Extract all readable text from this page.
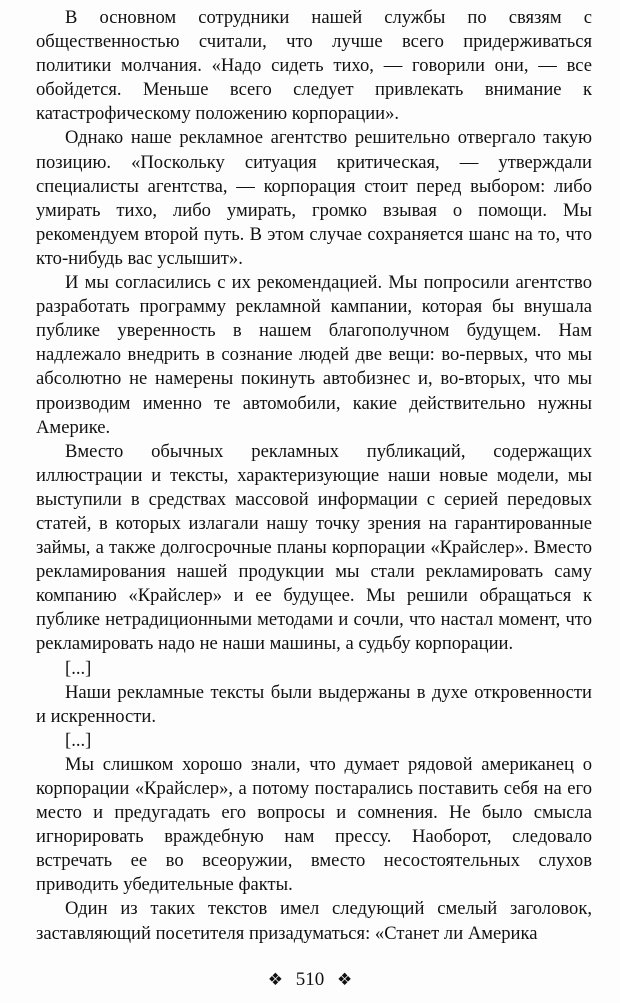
В основном сотрудники нашей службы по связям с общественностью считали, что лучше всего придерживаться политики молчания. «Надо сидеть тихо, — говорили они, — все обойдется. Меньше всего следует привлекать внимание к катастрофическому положению корпорации».

Однако наше рекламное агентство решительно отвергало такую позицию. «Поскольку ситуация критическая, — утверждали специалисты агентства, — корпорация стоит перед выбором: либо умирать тихо, либо умирать, громко взывая о помощи. Мы рекомендуем второй путь. В этом случае сохраняется шанс на то, что кто-нибудь вас услышит».

И мы согласились с их рекомендацией. Мы попросили агентство разработать программу рекламной кампании, которая бы внушала публике уверенность в нашем благополучном будущем. Нам надлежало внедрить в сознание людей две вещи: во-первых, что мы абсолютно не намерены покинуть автобизнес и, во-вторых, что мы производим именно те автомобили, какие действительно нужны Америке.

Вместо обычных рекламных публикаций, содержащих иллюстрации и тексты, характеризующие наши новые модели, мы выступили в средствах массовой информации с серией передовых статей, в которых излагали нашу точку зрения на гарантированные займы, а также долгосрочные планы корпорации «Крайслер». Вместо рекламирования нашей продукции мы стали рекламировать саму компанию «Крайслер» и ее будущее. Мы решили обращаться к публике нетрадиционными методами и сочли, что настал момент, что рекламировать надо не наши машины, а судьбу корпорации.

[...]

Наши рекламные тексты были выдержаны в духе откровенности и искренности.

[...]

Мы слишком хорошо знали, что думает рядовой американец о корпорации «Крайслер», а потому постарались поставить себя на его место и предугадать его вопросы и сомнения. Не было смысла игнорировать враждебную нам прессу. Наоборот, следовало встречать ее во всеоружии, вместо несостоятельных слухов приводить убедительные факты.

Один из таких текстов имел следующий смелый заголовок, заставляющий посетителя призадуматься: «Станет ли Америка

❖ 510 ❖
